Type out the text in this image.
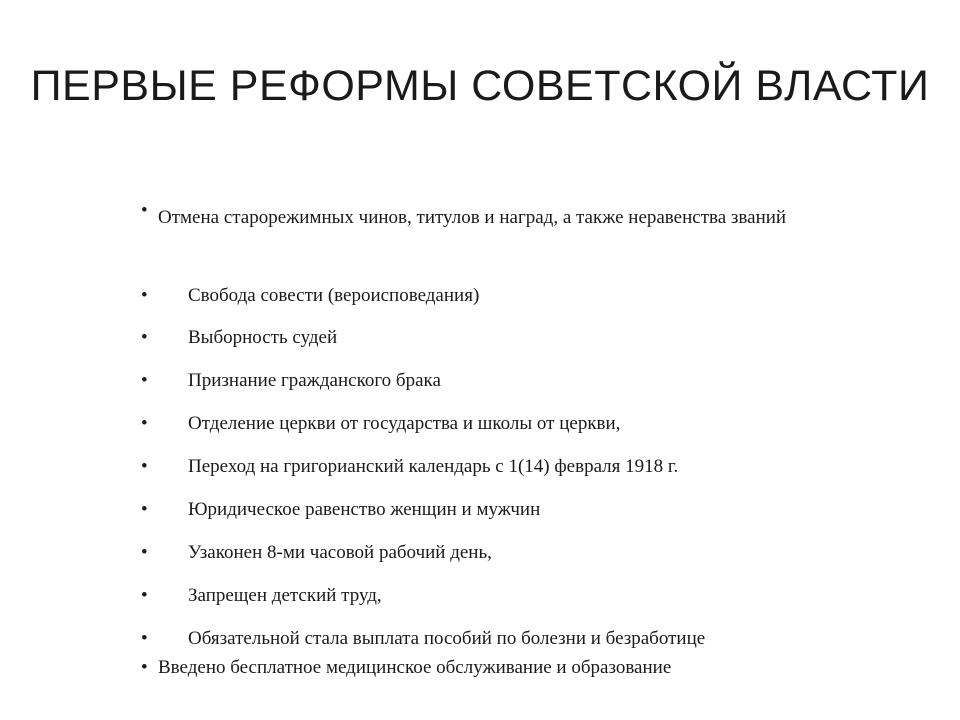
ПЕРВЫЕ РЕФОРМЫ СОВЕТСКОЙ ВЛАСТИ
• Отмена старорежимных чинов, титулов и наград, а также неравенства званий
• Свобода совести (вероисповедания)
• Выборность судей
• Признание гражданского брака
• Отделение церкви от государства и школы от церкви,
• Переход на григорианский календарь с 1(14) февраля 1918 г.
• Юридическое равенство женщин и мужчин
• Узаконен 8-ми часовой рабочий день,
• Запрещен детский труд,
• Обязательной стала выплата пособий по болезни и безработице
• Введено бесплатное медицинское обслуживание и образование
